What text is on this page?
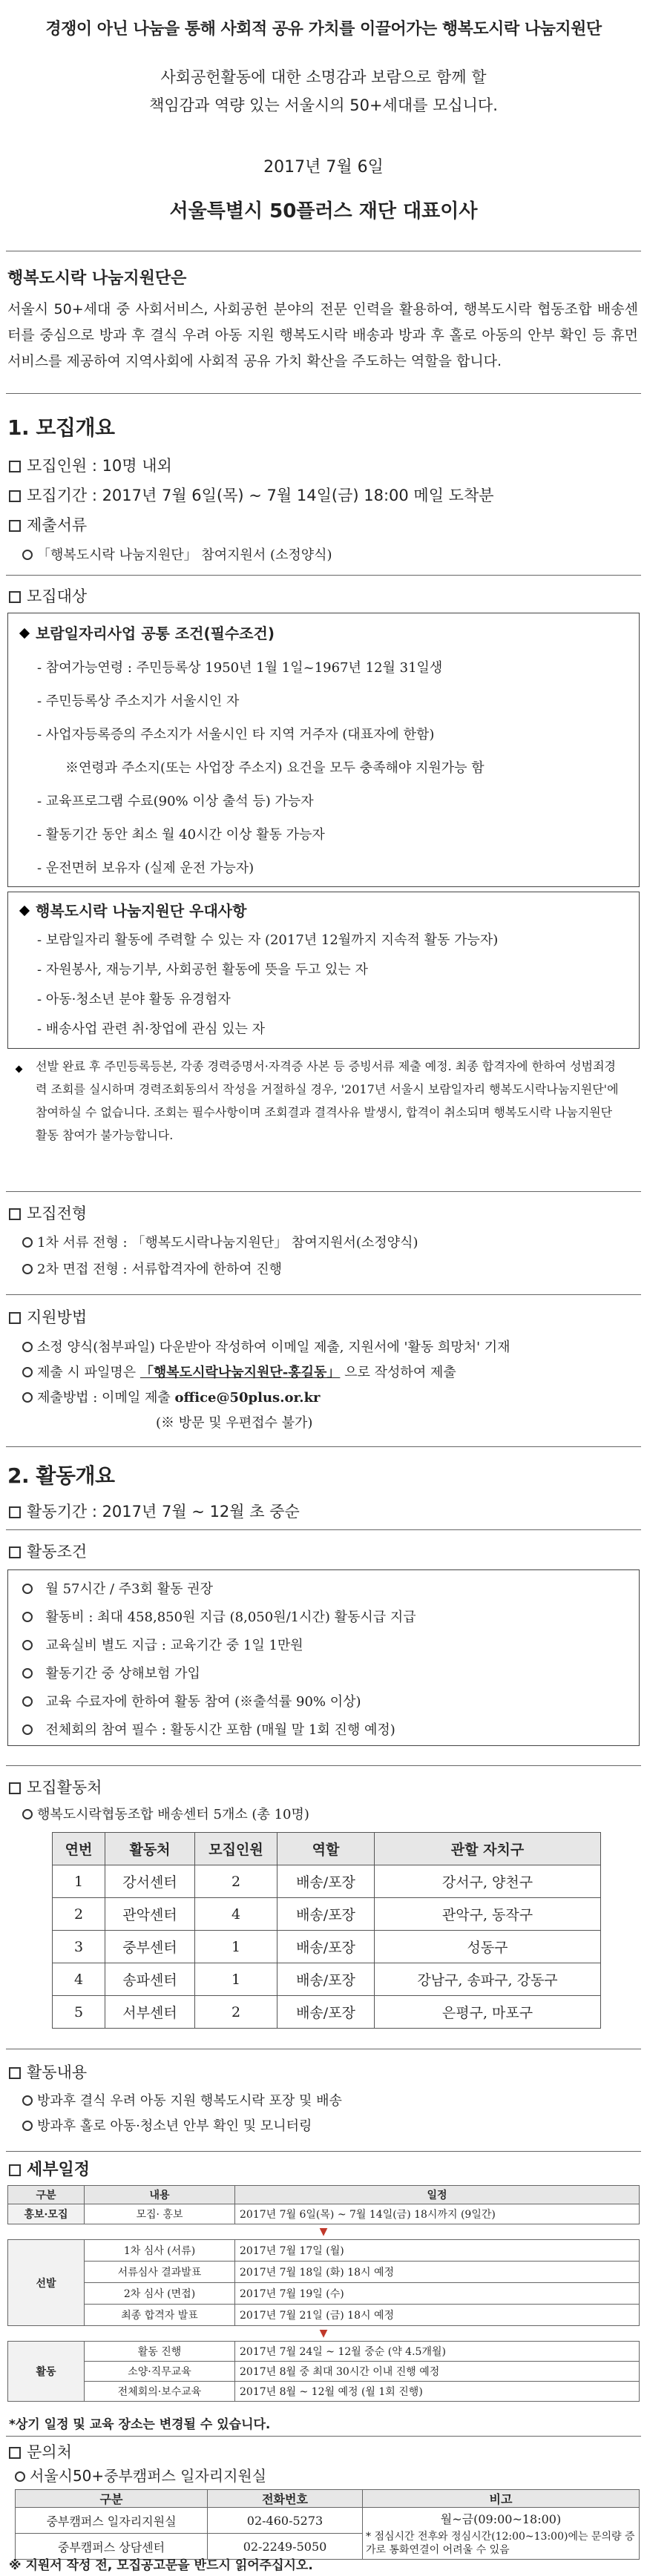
경쟁이 아닌 나눔을 통해 사회적 공유 가치를 이끌어가는 행복도시락 나눔지원단
사회공헌활동에 대한 소명감과 보람으로 함께 할
책임감과 역량 있는 서울시의 50+세대를 모십니다.
2017년 7월 6일
서울특별시 50플러스 재단 대표이사
행복도시락 나눔지원단은
서울시 50+세대 중 사회서비스, 사회공헌 분야의 전문 인력을 활용하여, 행복도시락 협동조합 배송센터를 중심으로 방과 후 결식 우려 아동 지원 행복도시락 배송과 방과 후 홀로 아동의 안부 확인 등 휴먼서비스를 제공하여 지역사회에 사회적 공유 가치 확산을 주도하는 역할을 합니다.
1. 모집개요
모집인원 : 10명 내외
모집기간 : 2017년 7월 6일(목) ~ 7월 14일(금) 18:00 메일 도착분
제출서류
「행복도시락 나눔지원단」 참여지원서 (소정양식)
모집대상
보람일자리사업 공통 조건(필수조건)
- 참여가능연령 : 주민등록상 1950년 1월 1일~1967년 12월 31일생
- 주민등록상 주소지가 서울시인 자
- 사업자등록증의 주소지가 서울시인 타 지역 거주자 (대표자에 한함)
※연령과 주소지(또는 사업장 주소지) 요건을 모두 충족해야 지원가능 함
- 교육프로그램 수료(90% 이상 출석 등) 가능자
- 활동기간 동안 최소 월 40시간 이상 활동 가능자
- 운전면허 보유자 (실제 운전 가능자)
행복도시락 나눔지원단 우대사항
- 보람일자리 활동에 주력할 수 있는 자 (2017년 12월까지 지속적 활동 가능자)
- 자원봉사, 재능기부, 사회공헌 활동에 뜻을 두고 있는 자
- 아동·청소년 분야 활동 유경험자
- 배송사업 관련 취·창업에 관심 있는 자
선발 완료 후 주민등록등본, 각종 경력증명서·자격증 사본 등 증빙서류 제출 예정. 최종 합격자에 한하여 성범죄경력 조회를 실시하며 경력조회동의서 작성을 거절하실 경우, '2017년 서울시 보람일자리 행복도시락나눔지원단'에 참여하실 수 없습니다. 조회는 필수사항이며 조회결과 결격사유 발생시, 합격이 취소되며 행복도시락 나눔지원단 활동 참여가 불가능합니다.
모집전형
1차 서류 전형 : 「행복도시락나눔지원단」 참여지원서(소정양식)
2차 면접 전형 : 서류합격자에 한하여 진행
지원방법
소정 양식(첨부파일) 다운받아 작성하여 이메일 제출, 지원서에 '활동 희망처' 기재
제출 시 파일명은 「행복도시락나눔지원단-홍길동」 으로 작성하여 제출
제출방법 : 이메일 제출 office@50plus.or.kr
(※ 방문 및 우편접수 불가)
2. 활동개요
활동기간 : 2017년 7월 ~ 12월 초 중순
활동조건
월 57시간 / 주3회 활동 권장
활동비 : 최대 458,850원 지급 (8,050원/1시간) 활동시급 지급
교육실비 별도 지급 : 교육기간 중 1일 1만원
활동기간 중 상해보험 가입
교육 수료자에 한하여 활동 참여 (※출석률 90% 이상)
전체회의 참여 필수 : 활동시간 포함 (매월 말 1회 진행 예정)
모집활동처
행복도시락협동조합 배송센터 5개소 (총 10명)
연번	활동처	모집인원	역할	관할 자치구
1	강서센터	2	배송/포장	강서구, 양천구
2	관악센터	4	배송/포장	관악구, 동작구
3	중부센터	1	배송/포장	성동구
4	송파센터	1	배송/포장	강남구, 송파구, 강동구
5	서부센터	2	배송/포장	은평구, 마포구
활동내용
방과후 결식 우려 아동 지원 행복도시락 포장 및 배송
방과후 홀로 아동·청소년 안부 확인 및 모니터링
세부일정
구분	내용	일정
홍보·모집	모집· 홍보	2017년 7월 6일(목) ~ 7월 14일(금) 18시까지 (9일간)
▼		
선발	1차 심사 (서류)	2017년 7월 17일 (월)
	서류심사 결과발표	2017년 7월 18일 (화) 18시 예정
	2차 심사 (면접)	2017년 7월 19일 (수)
	최종 합격자 발표	2017년 7월 21일 (금) 18시 예정
▼		
활동	활동 진행	2017년 7월 24일 ~ 12월 중순 (약 4.5개월)
	소양·직무교육	2017년 8월 중 최대 30시간 이내 진행 예정
	전체회의·보수교육	2017년 8월 ~ 12월 예정 (월 1회 진행)
*상기 일정 및 교육 장소는 변경될 수 있습니다.
문의처
서울시50+중부캠퍼스 일자리지원실
구분	전화번호	비고
중부캠퍼스 일자리지원실	02-460-5273	월~금(09:00~18:00)
* 점심시간 전후와 정심시간(12:00~13:00)에는 문의량 증가로 통화연결이 어려울 수 있음

중부캠퍼스 상담센터	02-2249-5050	
※ 지원서 작성 전, 모집공고문을 반드시 읽어주십시오.
